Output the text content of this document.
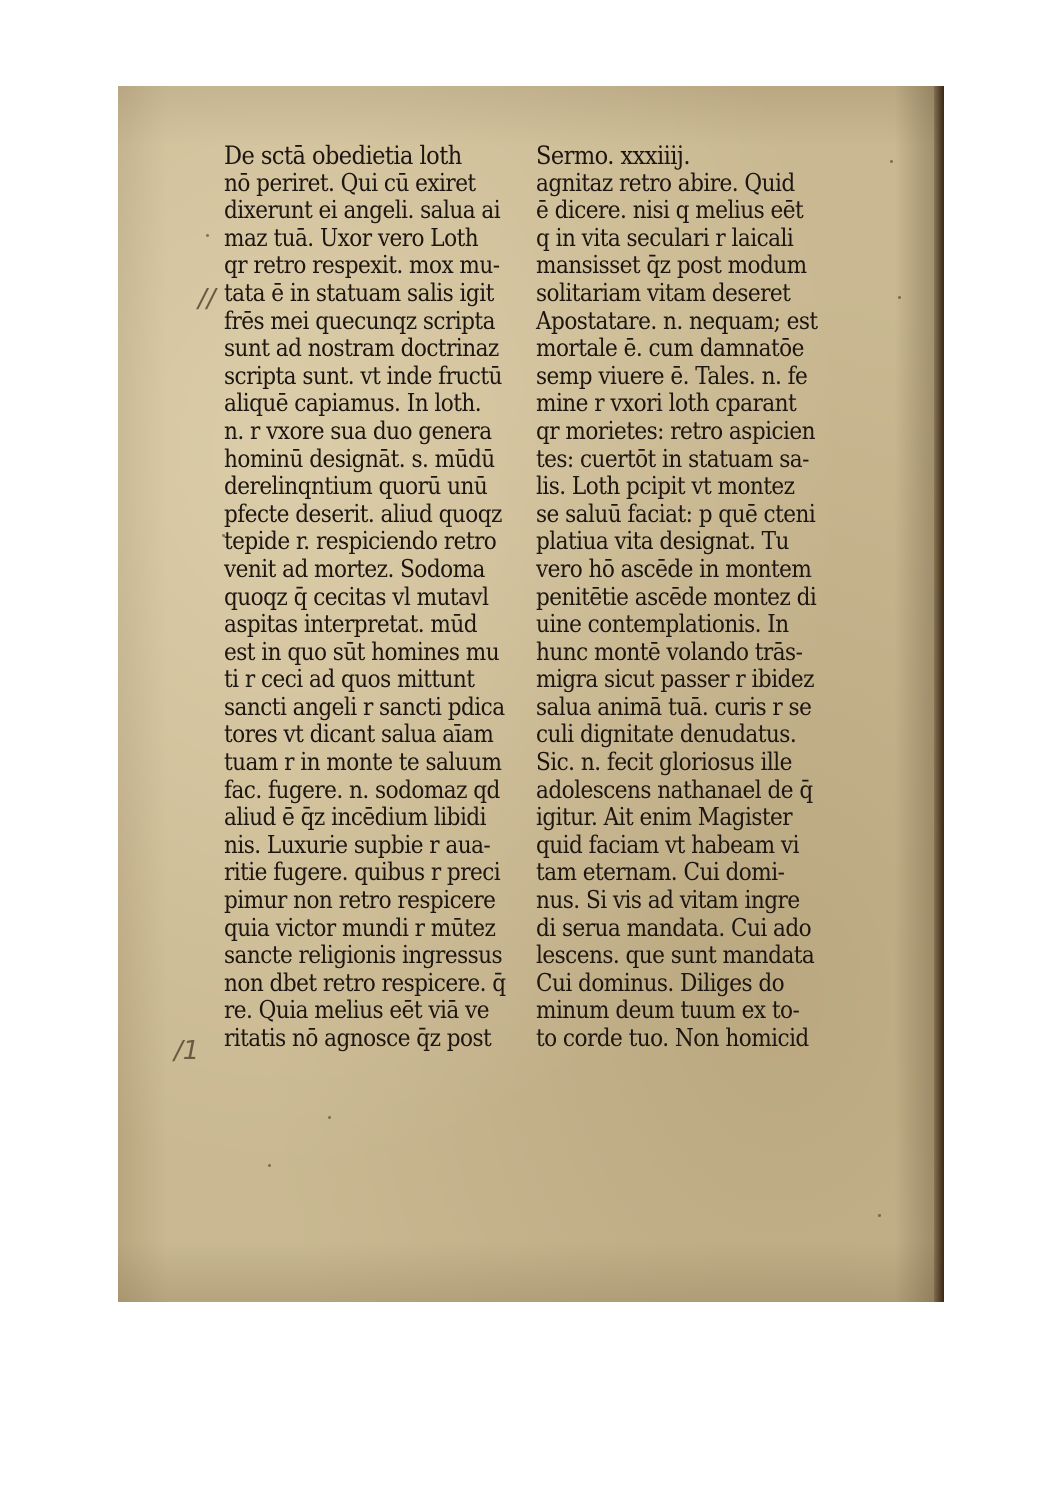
//
/1
De sctā obedietia loth
nō periret. Qui cū exiret
dixerunt ei angeli. salua ai
maz tuā. Uxor vero Loth
qr retro respexit. mox mu-
tata ē in statuam salis igit
frēs mei quecunqz scripta
sunt ad nostram doctrinaz
scripta sunt. vt inde fructū
aliquē capiamus. In loth.
n. r vxore sua duo genera
hominū designāt. s. mūdū
derelinqntium quorū unū
pfecte deserit. aliud quoqz
tepide r. respiciendo retro
venit ad mortez. Sodoma
quoqz q̄ cecitas vl mutavl
aspitas interpretat. mūd
est in quo sūt homines mu
ti r ceci ad quos mittunt
sancti angeli r sancti pdica
tores vt dicant salua aīam
tuam r in monte te saluum
fac. fugere. n. sodomaz qd
aliud ē q̄z incēdium libidi
nis. Luxurie supbie r aua-
ritie fugere. quibus r preci
pimur non retro respicere
quia victor mundi r mūtez
sancte religionis ingressus
non dbet retro respicere. q̄
re. Quia melius eēt viā ve
ritatis nō agnosce q̄z post
Sermo. xxxiiij.
agnitaz retro abire. Quid
ē dicere. nisi q melius eēt
q in vita seculari r laicali
mansisset q̄z post modum
solitariam vitam deseret
Apostatare. n. nequam; est
mortale ē. cum damnatōe
semp viuere ē. Tales. n. fe
mine r vxori loth cparant
qr morietes: retro aspicien
tes: cuertōt in statuam sa-
lis. Loth pcipit vt montez
se saluū faciat: p quē cteni
platiua vita designat. Tu
vero hō ascēde in montem
penitētie ascēde montez di
uine contemplationis. In
hunc montē volando trās-
migra sicut passer r ibidez
salua animā tuā. curis r se
culi dignitate denudatus.
Sic. n. fecit gloriosus ille
adolescens nathanael de q̄
igitur. Ait enim Magister
quid faciam vt habeam vi
tam eternam. Cui domi-
nus. Si vis ad vitam ingre
di serua mandata. Cui ado
lescens. que sunt mandata
Cui dominus. Diliges do
minum deum tuum ex to-
to corde tuo. Non homicid
